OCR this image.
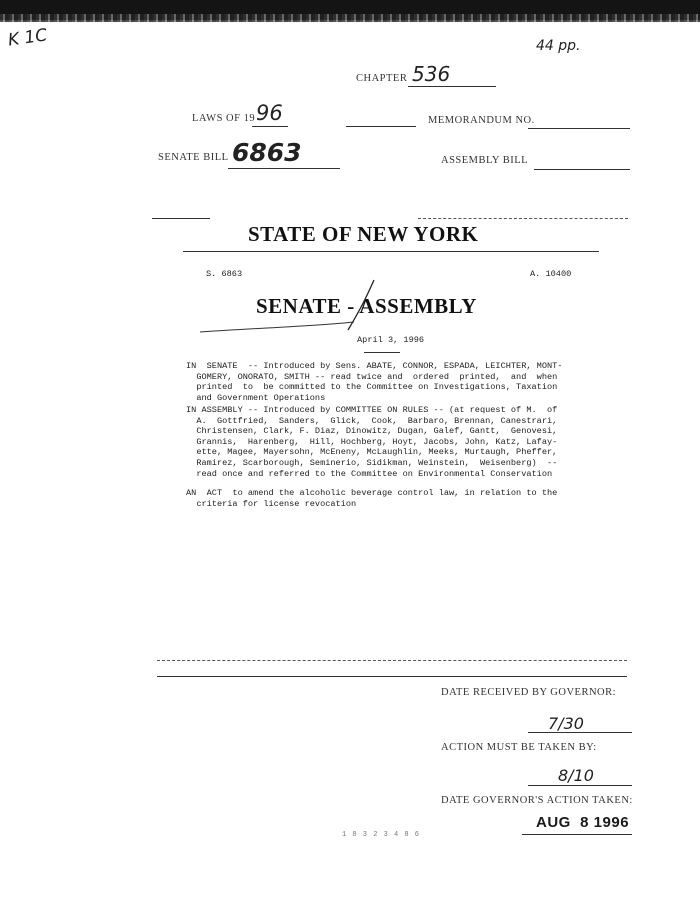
K 1C	44 pp.
CHAPTER 536
LAWS OF 19 96	MEMORANDUM NO.
SENATE BILL 6863	ASSEMBLY BILL
STATE OF NEW YORK
S. 6863	A. 10400
SENATE - ASSEMBLY
April 3, 1996
IN  SENATE  -- Introduced by Sens. ABATE, CONNOR, ESPADA, LEICHTER, MONT-
GOMERY, ONORATO, SMITH -- read twice and  ordered  printed,  and  when
printed  to  be committed to the Committee on Investigations, Taxation
and Government Operations
IN ASSEMBLY -- Introduced by COMMITTEE ON RULES -- (at request of M.  of
A.  Gottfried,  Sanders,  Glick,  Cook,  Barbaro, Brennan, Canestrari,
Christensen, Clark, F. Diaz, Dinowitz, Dugan, Galef, Gantt,  Genovesi,
Grannis,  Harenberg,  Hill, Hochberg, Hoyt, Jacobs, John, Katz, Lafay-
ette, Magee, Mayersohn, McEneny, McLaughlin, Meeks, Murtaugh, Pheffer,
Ramirez, Scarborough, Seminerio, Sidikman, Weinstein,  Weisenberg)  --
read once and referred to the Committee on Environmental Conservation
AN  ACT  to amend the alcoholic beverage control law, in relation to the
criteria for license revocation
DATE RECEIVED BY GOVERNOR:
7/30
ACTION MUST BE TAKEN BY:
8/10
DATE GOVERNOR'S ACTION TAKEN:
AUG  8 1996
1 8 3 2 3 4 8 6
